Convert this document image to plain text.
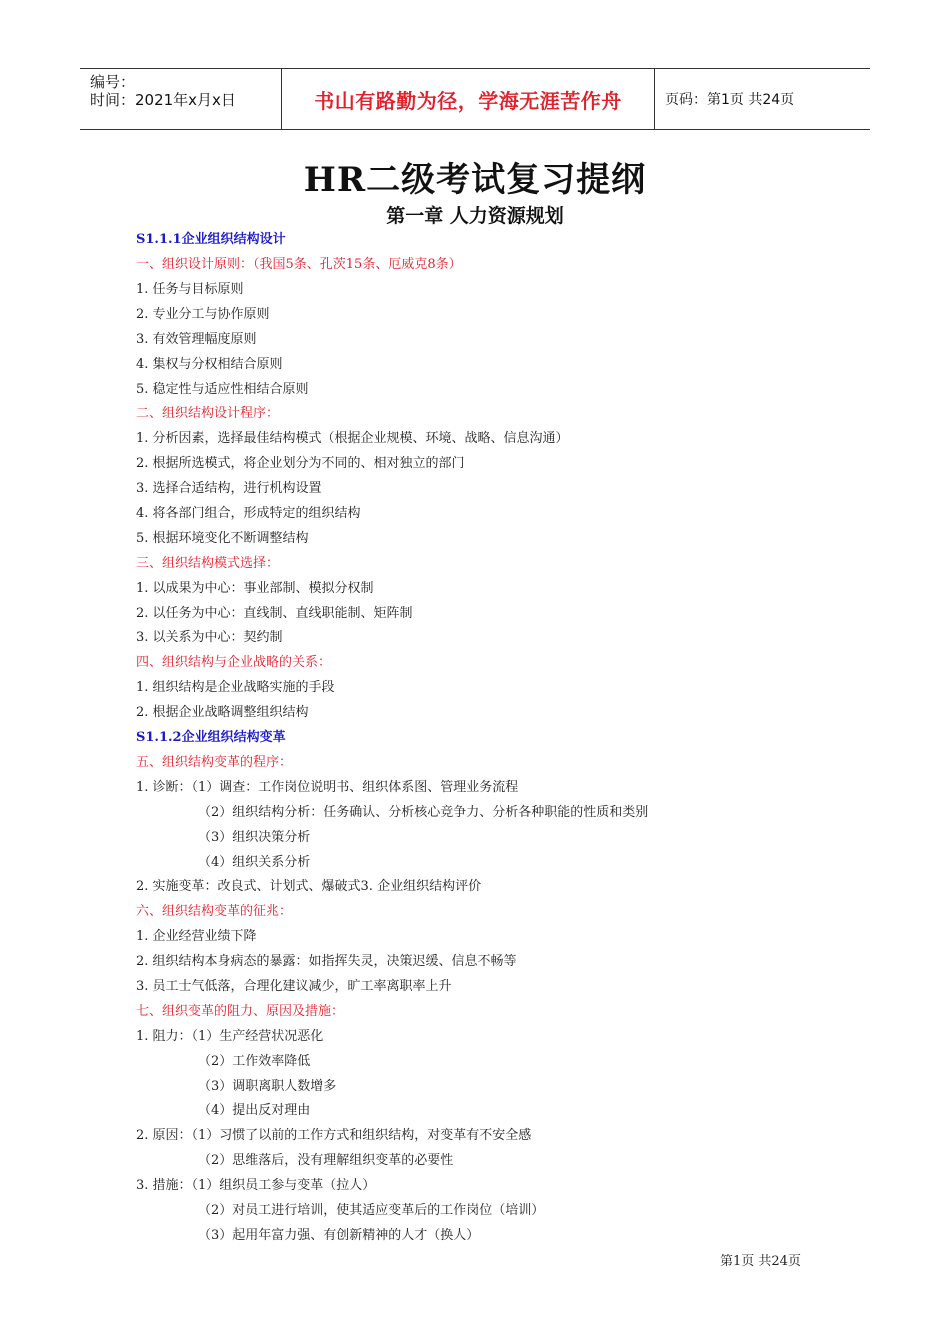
编号：
时间：2021年x月x日	书山有路勤为径，学海无涯苦作舟	页码：第1页 共24页
HR二级考试复习提纲
第一章 人力资源规划
S1.1.1企业组织结构设计
一、组织设计原则：（我国5条、孔茨15条、厄威克8条）
1. 任务与目标原则
2. 专业分工与协作原则
3. 有效管理幅度原则
4. 集权与分权相结合原则
5. 稳定性与适应性相结合原则
二、组织结构设计程序：
1. 分析因素，选择最佳结构模式（根据企业规模、环境、战略、信息沟通）
2. 根据所选模式，将企业划分为不同的、相对独立的部门
3. 选择合适结构，进行机构设置
4. 将各部门组合，形成特定的组织结构
5. 根据环境变化不断调整结构
三、组织结构模式选择：
1. 以成果为中心：事业部制、模拟分权制
2. 以任务为中心：直线制、直线职能制、矩阵制
3. 以关系为中心：契约制
四、组织结构与企业战略的关系：
1. 组织结构是企业战略实施的手段
2. 根据企业战略调整组织结构
S1.1.2企业组织结构变革
五、组织结构变革的程序：
1. 诊断：（1）调查：工作岗位说明书、组织体系图、管理业务流程
（2）组织结构分析：任务确认、分析核心竞争力、分析各种职能的性质和类别
（3）组织决策分析
（4）组织关系分析
2. 实施变革：改良式、计划式、爆破式3. 企业组织结构评价
六、组织结构变革的征兆：
1. 企业经营业绩下降
2. 组织结构本身病态的暴露：如指挥失灵，决策迟缓、信息不畅等
3. 员工士气低落，合理化建议减少，旷工率离职率上升
七、组织变革的阻力、原因及措施：
1. 阻力：（1）生产经营状况恶化
（2）工作效率降低
（3）调职离职人数增多
（4）提出反对理由
2. 原因：（1）习惯了以前的工作方式和组织结构，对变革有不安全感
（2）思维落后，没有理解组织变革的必要性
3. 措施：（1）组织员工参与变革（拉人）
（2）对员工进行培训，使其适应变革后的工作岗位（培训）
（3）起用年富力强、有创新精神的人才（换人）
第1页 共24页
